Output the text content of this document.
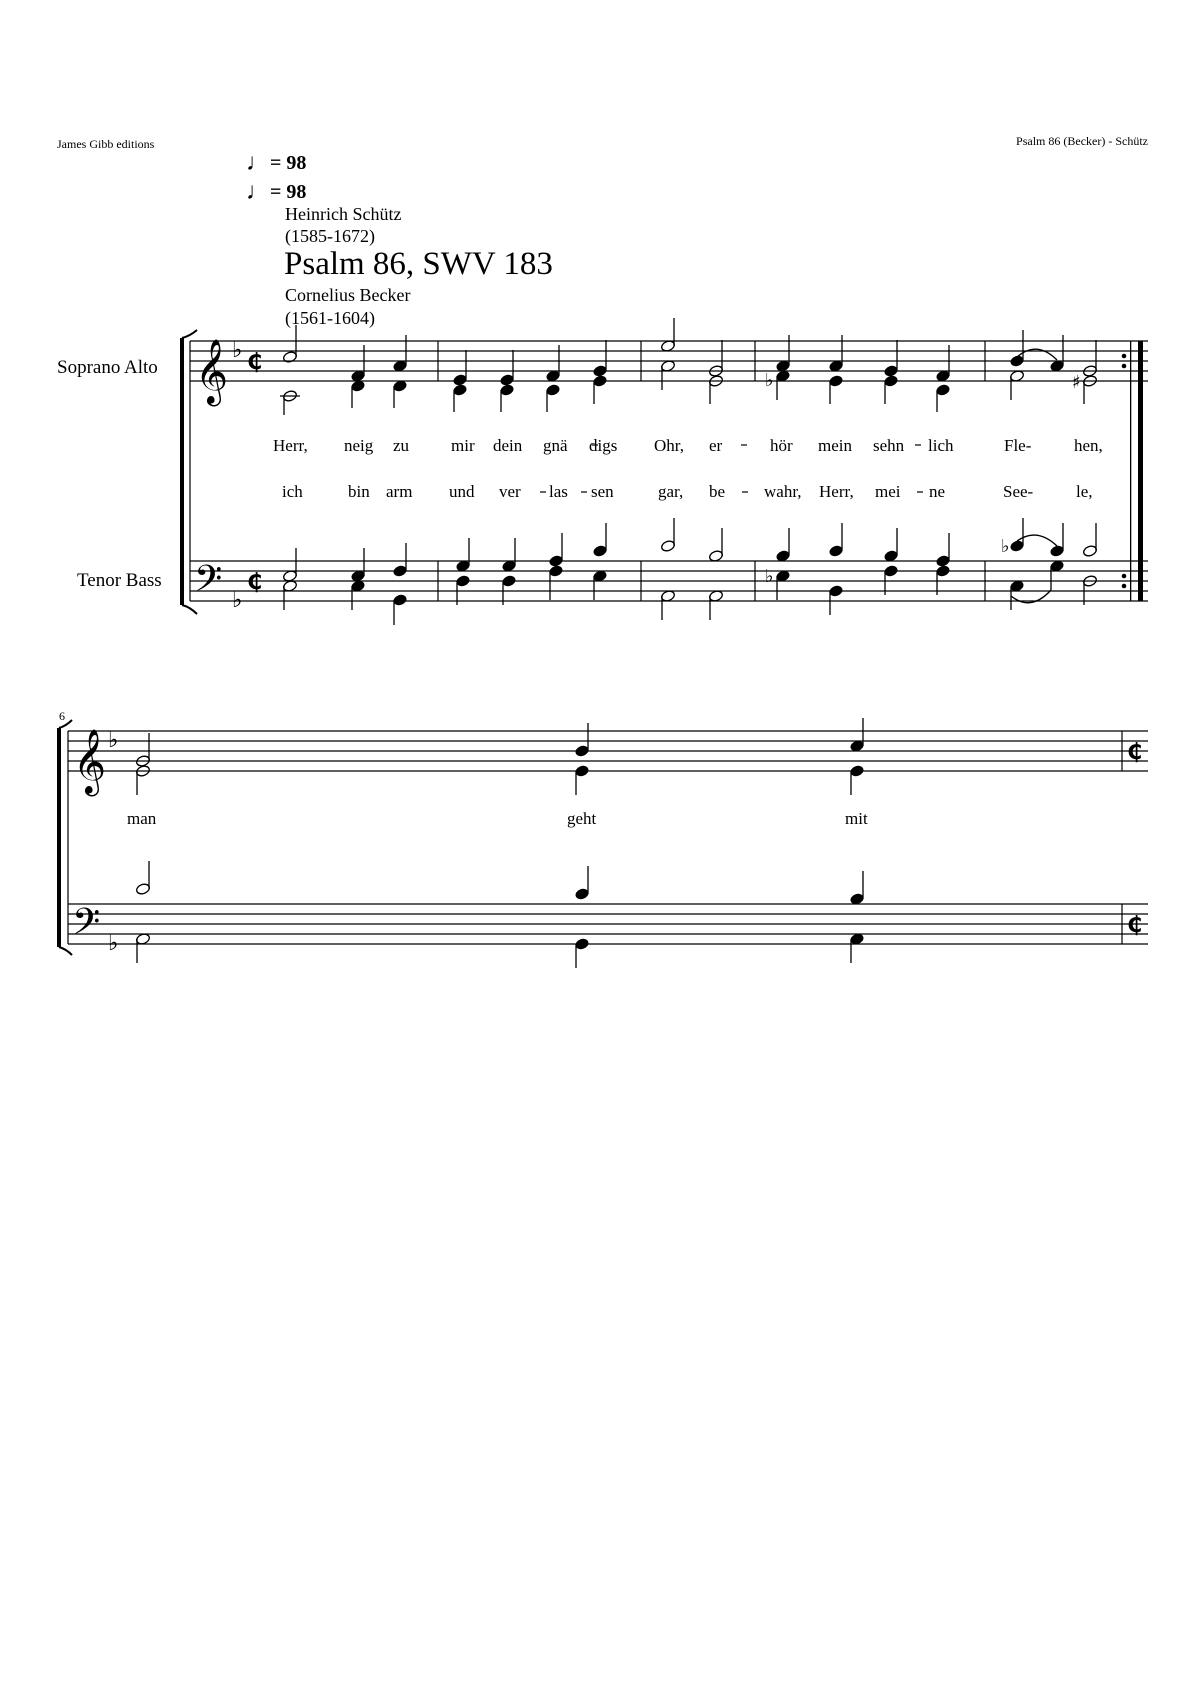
James Gibb editions	Psalm 86 (Becker) - Schütz
♩= 98
♩= 98
Heinrich Schütz
(1585-1672)
Psalm 86, SWV 183
Cornelius Becker
(1561-1604)
Soprano Alto
Tenor Bass
𝄞
𝄢
𝄞
𝄢
♭
♭
♭
♭
₵
₵
₵
₵
♭
♭
♭
♯
Herr, neig zu mir dein gnä digs Ohr, er	hör mein sehn lich	Fle-	hen,
ich	bin arm und ver las sen	gar, be wahr, Herr, mei ne	See-	le,
6
man	geht	mit
